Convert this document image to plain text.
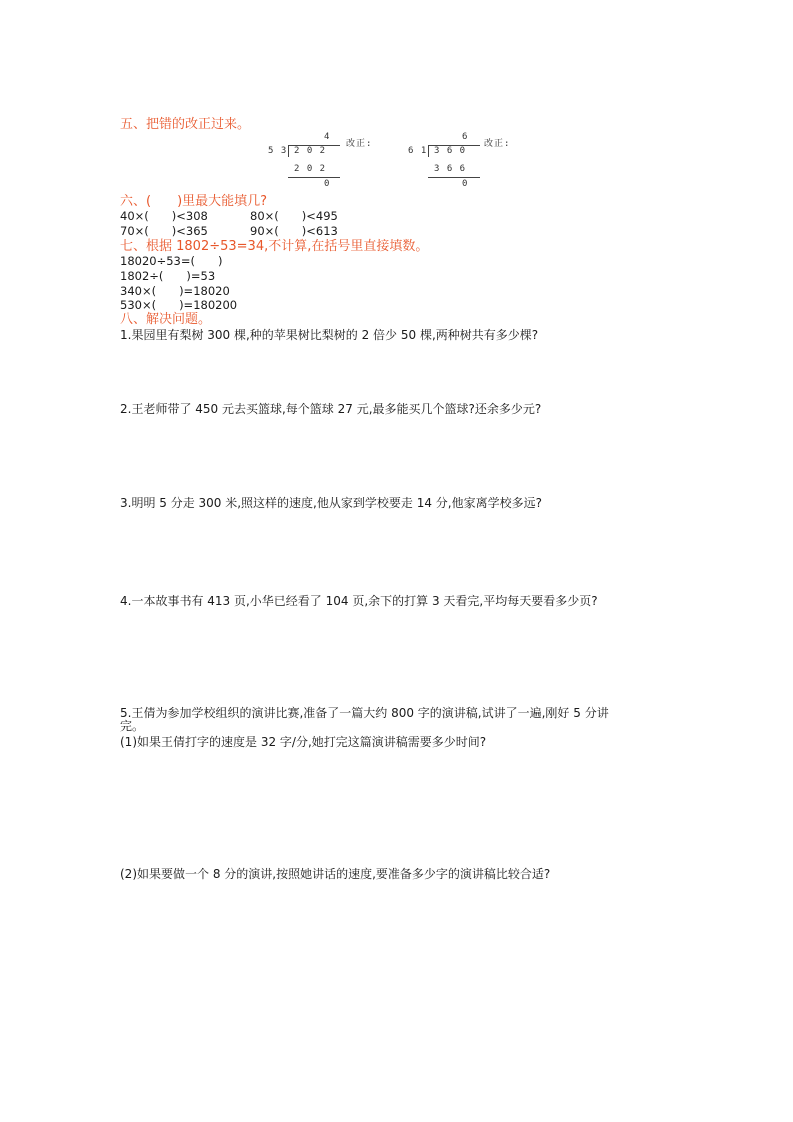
五、把错的改正过来。
4
5 3 2 0 2
改正:
2 0 2
0
6
6 1 3 6 0
改正:
3 6 6
0
六、(　　)里最大能填几?
40×(　　)<308	80×(　　)<495
70×(　　)<365	90×(　　)<613
七、根据 1802÷53=34,不计算,在括号里直接填数。
18020÷53=(　　)
1802÷(　　)=53
340×(　　)=18020
530×(　　)=180200
八、解决问题。
1.果园里有梨树 300 棵,种的苹果树比梨树的 2 倍少 50 棵,两种树共有多少棵?
2.王老师带了 450 元去买篮球,每个篮球 27 元,最多能买几个篮球?还余多少元?
3.明明 5 分走 300 米,照这样的速度,他从家到学校要走 14 分,他家离学校多远?
4.一本故事书有 413 页,小华已经看了 104 页,余下的打算 3 天看完,平均每天要看多少页?
5.王倩为参加学校组织的演讲比赛,准备了一篇大约 800 字的演讲稿,试讲了一遍,刚好 5 分讲
完。
(1)如果王倩打字的速度是 32 字/分,她打完这篇演讲稿需要多少时间?
(2)如果要做一个 8 分的演讲,按照她讲话的速度,要准备多少字的演讲稿比较合适?
